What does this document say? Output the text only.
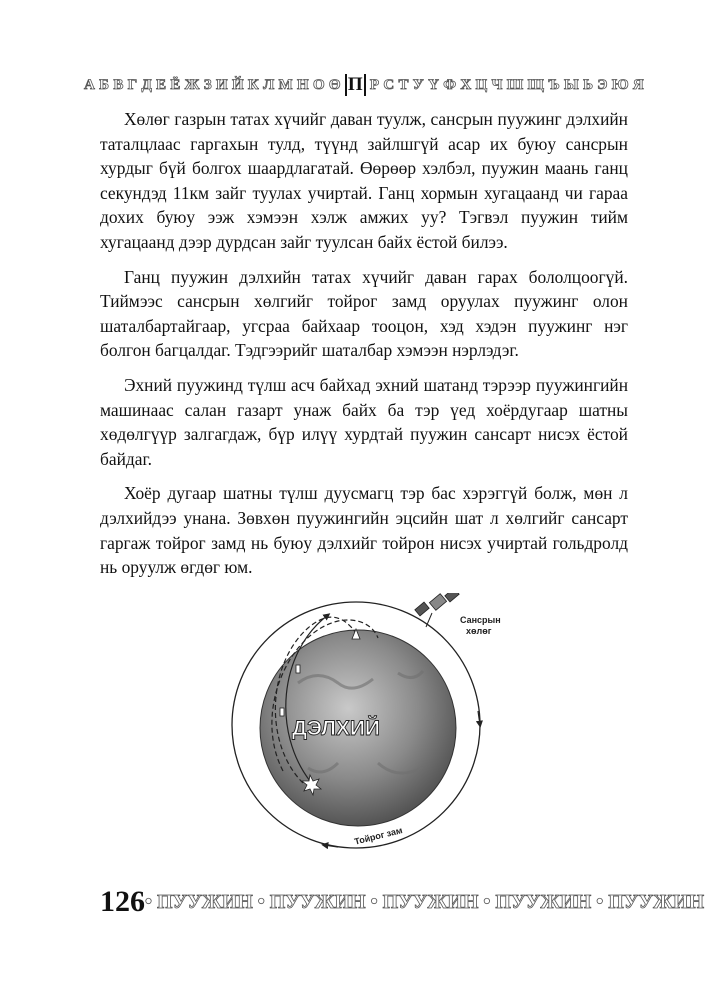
А Б В Г Д Е Ё Ж З И Й К Л М Н О Ө П Р С Т У Ү Ф Х Ц Ч Ш Щ Ъ Ы Ь Э Ю Я

Хөлөг газрын татах хүчийг даван туулж, сансрын пуужинг дэлхийн таталцлаас гаргахын тулд, түүнд зайлшгүй асар их буюу сансрын хурдыг бүй болгох шаардлагатай. Өөрөөр хэлбэл, пуужин маань ганц секундэд 11км зайг туулах учиртай. Ганц хормын хугацаанд чи гараа дохих буюу ээж хэмээн хэлж амжих уу? Тэгвэл пуужин тийм хугацаанд дээр дурдсан зайг туулсан байх ёстой билээ.

Ганц пуужин дэлхийн татах хүчийг даван гарах бололцоогүй. Тиймээс сансрын хөлгийг тойрог замд оруулах пуужинг олон шаталбартайгаар, угсраа байхаар тооцон, хэд хэдэн пуужинг нэг болгон багцалдаг. Тэдгээрийг шаталбар хэмээн нэрлэдэг.

Эхний пуужинд түлш асч байхад эхний шатанд тэрээр пуужингийн машинаас салан газарт унаж байх ба тэр үед хоёрдугаар шатны хөдөлгүүр залгагдаж, бүр илүү хурдтай пуужин сансарт нисэх ёстой байдаг.

Хоёр дугаар шатны түлш дуусмагц тэр бас хэрэггүй болж, мөн л дэлхийдээ унана. Зөвхөн пуужингийн эцсийн шат л хөлгийг сансарт гаргаж тойрог замд нь буюу дэлхийг тойрон нисэх учиртай гольдролд нь оруулж өгдөг юм.

ДЭЛХИЙ
Сансрын
хөлөг
Тойрог зам
126 • ПУУЖИН • ПУУЖИН • ПУУЖИН • ПУУЖИН • ПУУЖИН
